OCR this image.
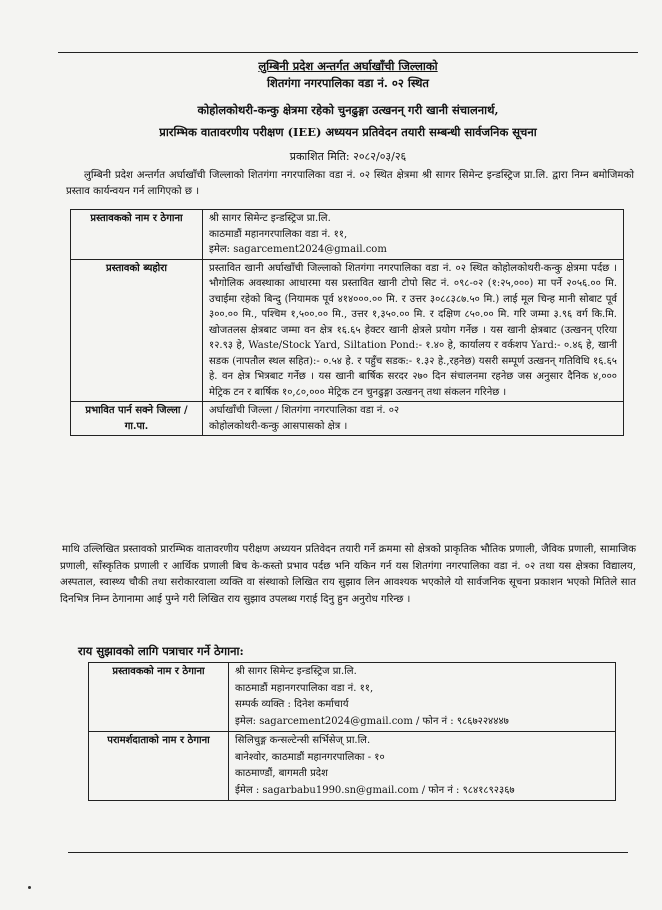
लुम्बिनी प्रदेश अन्तर्गत अर्घाखाँची जिल्लाको
शितगंगा नगरपालिका वडा नं. ०२ स्थित
कोहोलकोथरी-कन्कु क्षेत्रमा रहेको चुनढुङ्गा उत्खनन् गरी खानी संचालनार्थ,
प्रारम्भिक वातावरणीय परीक्षण (IEE) अध्ययन प्रतिवेदन तयारी सम्बन्धी सार्वजनिक सूचना
प्रकाशित मिति: २०८२/०३/२६
लुम्बिनी प्रदेश अन्तर्गत अर्घाखाँची जिल्लाको शितगंगा नगरपालिका वडा नं. ०२ स्थित क्षेत्रमा श्री सागर सिमेन्ट इन्डस्ट्रिज प्रा.लि. द्वारा निम्न बमोजिमको प्रस्ताव कार्यन्वयन गर्न लागिएको छ ।
प्रस्तावकको नाम र ठेगाना	श्री सागर सिमेन्ट इन्डस्ट्रिज प्रा.लि.
काठमाडौं महानगरपालिका वडा नं. ११,
इमेल: sagarcement2024@gmail.com

प्रस्तावको ब्यहोरा	प्रस्तावित खानी अर्घाखाँची जिल्लाको शितगंगा नगरपालिका वडा नं. ०२ स्थित कोहोलकोथरी-कन्कु क्षेत्रमा पर्दछ । भौगोलिक अवस्थाका आधारमा यस प्रस्तावित खानी टोपो सिट नं. ०९८-०२ (१:२५,०००) मा पर्ने २०५६.०० मि. उचाईमा रहेको बिन्दु (नियामक पूर्व ४१४०००.०० मि. र उत्तर ३०८८३८७.५० मि.) लाई मूल चिन्ह मानी सोबाट पूर्व ३००.०० मि., पश्चिम १,५००.०० मि., उत्तर १,३५०.०० मि. र दक्षिण ८५०.०० मि. गरि जम्मा ३.९६ वर्ग कि.मि. खोजतलस क्षेत्रबाट जम्मा वन क्षेत्र १६.६५ हेक्टर खानी क्षेत्रले प्रयोग गर्नेछ । यस खानी क्षेत्रबाट (उत्खनन् एरिया १२.९३ हे, Waste/Stock Yard, Siltation Pond:- १.४० हे, कार्यालय र वर्कशप Yard:- ०.४६ हे, खानी सडक (नापतौल स्थल सहित):- ०.५४ हे. र पहुँच सडक:- १.३२ हे.,रहनेछ) यसरी सम्पूर्ण उत्खनन् गतिविधि १६.६५ हे. वन क्षेत्र भित्रबाट गर्नेछ । यस खानी बार्षिक सरदर २७० दिन संचालनमा रहनेछ जस अनुसार दैनिक ४,००० मेट्रिक टन र बार्षिक १०,८०,००० मेट्रिक टन चुनढुङ्गा उत्खनन् तथा संकलन गरिनेछ ।
प्रभावित पार्न सक्ने जिल्ला / गा.पा.	अर्घाखाँची जिल्ला / शितगंगा नगरपालिका वडा नं. ०२
कोहोलकोथरी-कन्कु आसपासको क्षेत्र ।
माथि उल्लिखित प्रस्तावको प्रारम्भिक वातावरणीय परीक्षण अध्ययन प्रतिवेदन तयारी गर्ने क्रममा सो क्षेत्रको प्राकृतिक भौतिक प्रणाली, जैविक प्रणाली, सामाजिक प्रणाली, साँस्कृतिक प्रणाली र आर्थिक प्रणाली बिच के-कस्तो प्रभाव पर्दछ भनि यकिन गर्न यस शितगंगा नगरपालिका वडा नं. ०२ तथा यस क्षेत्रका विद्यालय, अस्पताल, स्वास्थ्य चौकी तथा सरोकारवाला व्यक्ति वा संस्थाको लिखित राय सुझाव लिन आवश्यक भएकोले यो सार्वजनिक सूचना प्रकाशन भएको मितिले सात दिनभित्र निम्न ठेगानामा आई पुग्ने गरी लिखित राय सुझाव उपलब्ध गराई दिनु हुन अनुरोध गरिन्छ ।
राय सुझावको लागि पत्राचार गर्ने ठेगाना:
प्रस्तावकको नाम र ठेगाना	श्री सागर सिमेन्ट इन्डस्ट्रिज प्रा.लि.
काठमाडौं महानगरपालिका वडा नं. ११,
सम्पर्क व्यक्ति : दिनेश कर्माचार्य
इमेल: sagarcement2024@gmail.com / फोन नं : ९८६७२२४४४७

परामर्शदाताको नाम र ठेगाना	सिलिचुङ्ग कन्सल्टेन्सी सर्भिसेज् प्रा.लि.
बानेश्वोर, काठमाडौं महानगरपालिका - १०
काठमाण्डौं, बागमती प्रदेश
ईमेल : sagarbabu1990.sn@gmail.com / फोन नं : ९८४१८९२३६७
